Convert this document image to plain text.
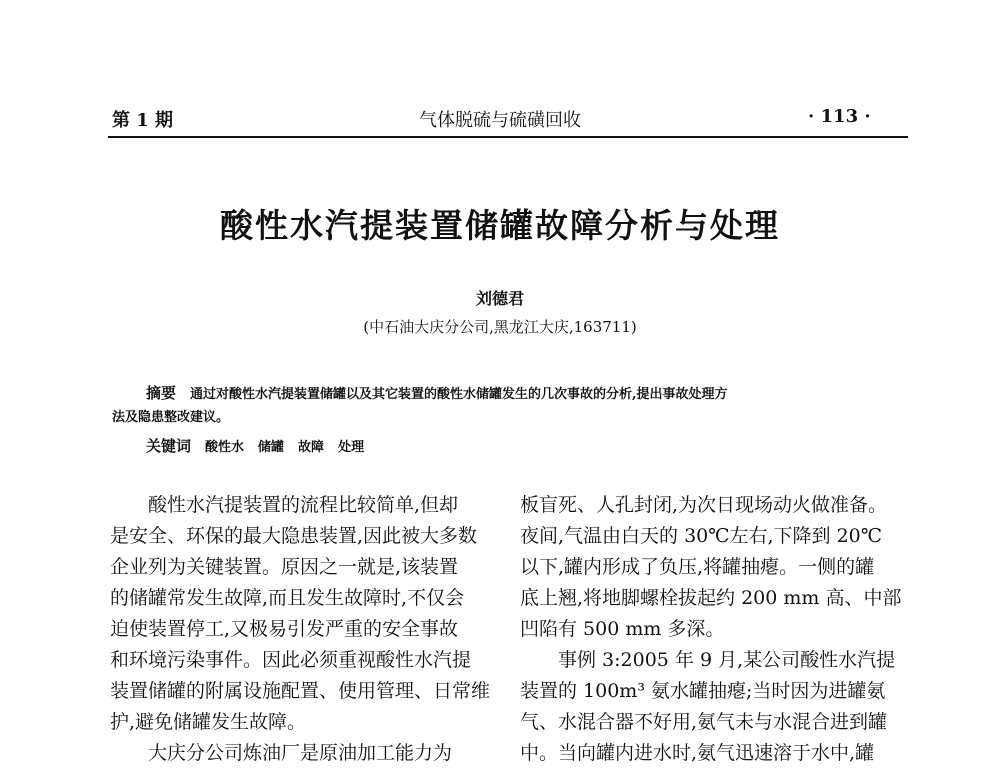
第 1 期	气体脱硫与硫磺回收	· 113 ·
酸性水汽提装置储罐故障分析与处理
刘德君
(中石油大庆分公司,黑龙江大庆,163711)
摘要 通过对酸性水汽提装置储罐以及其它装置的酸性水储罐发生的几次事故的分析,提出事故处理方
法及隐患整改建议。
关键词 酸性水 储罐 故障 处理
酸性水汽提装置的流程比较简单,但却
是安全、环保的最大隐患装置,因此被大多数
企业列为关键装置。原因之一就是,该装置
的储罐常发生故障,而且发生故障时,不仅会
迫使装置停工,又极易引发严重的安全事故
和环境污染事件。因此必须重视酸性水汽提
装置储罐的附属设施配置、使用管理、日常维
护,避免储罐发生故障。
大庆分公司炼油厂是原油加工能力为
板盲死、人孔封闭,为次日现场动火做准备。
夜间,气温由白天的 30℃左右,下降到 20℃
以下,罐内形成了负压,将罐抽瘪。一侧的罐
底上翘,将地脚螺栓拔起约 200 mm 高、中部
凹陷有 500 mm 多深。
事例 3:2005 年 9 月,某公司酸性水汽提
装置的 100m³ 氨水罐抽瘪;当时因为进罐氨
气、水混合器不好用,氨气未与水混合进到罐
中。当向罐内进水时,氨气迅速溶于水中,罐
